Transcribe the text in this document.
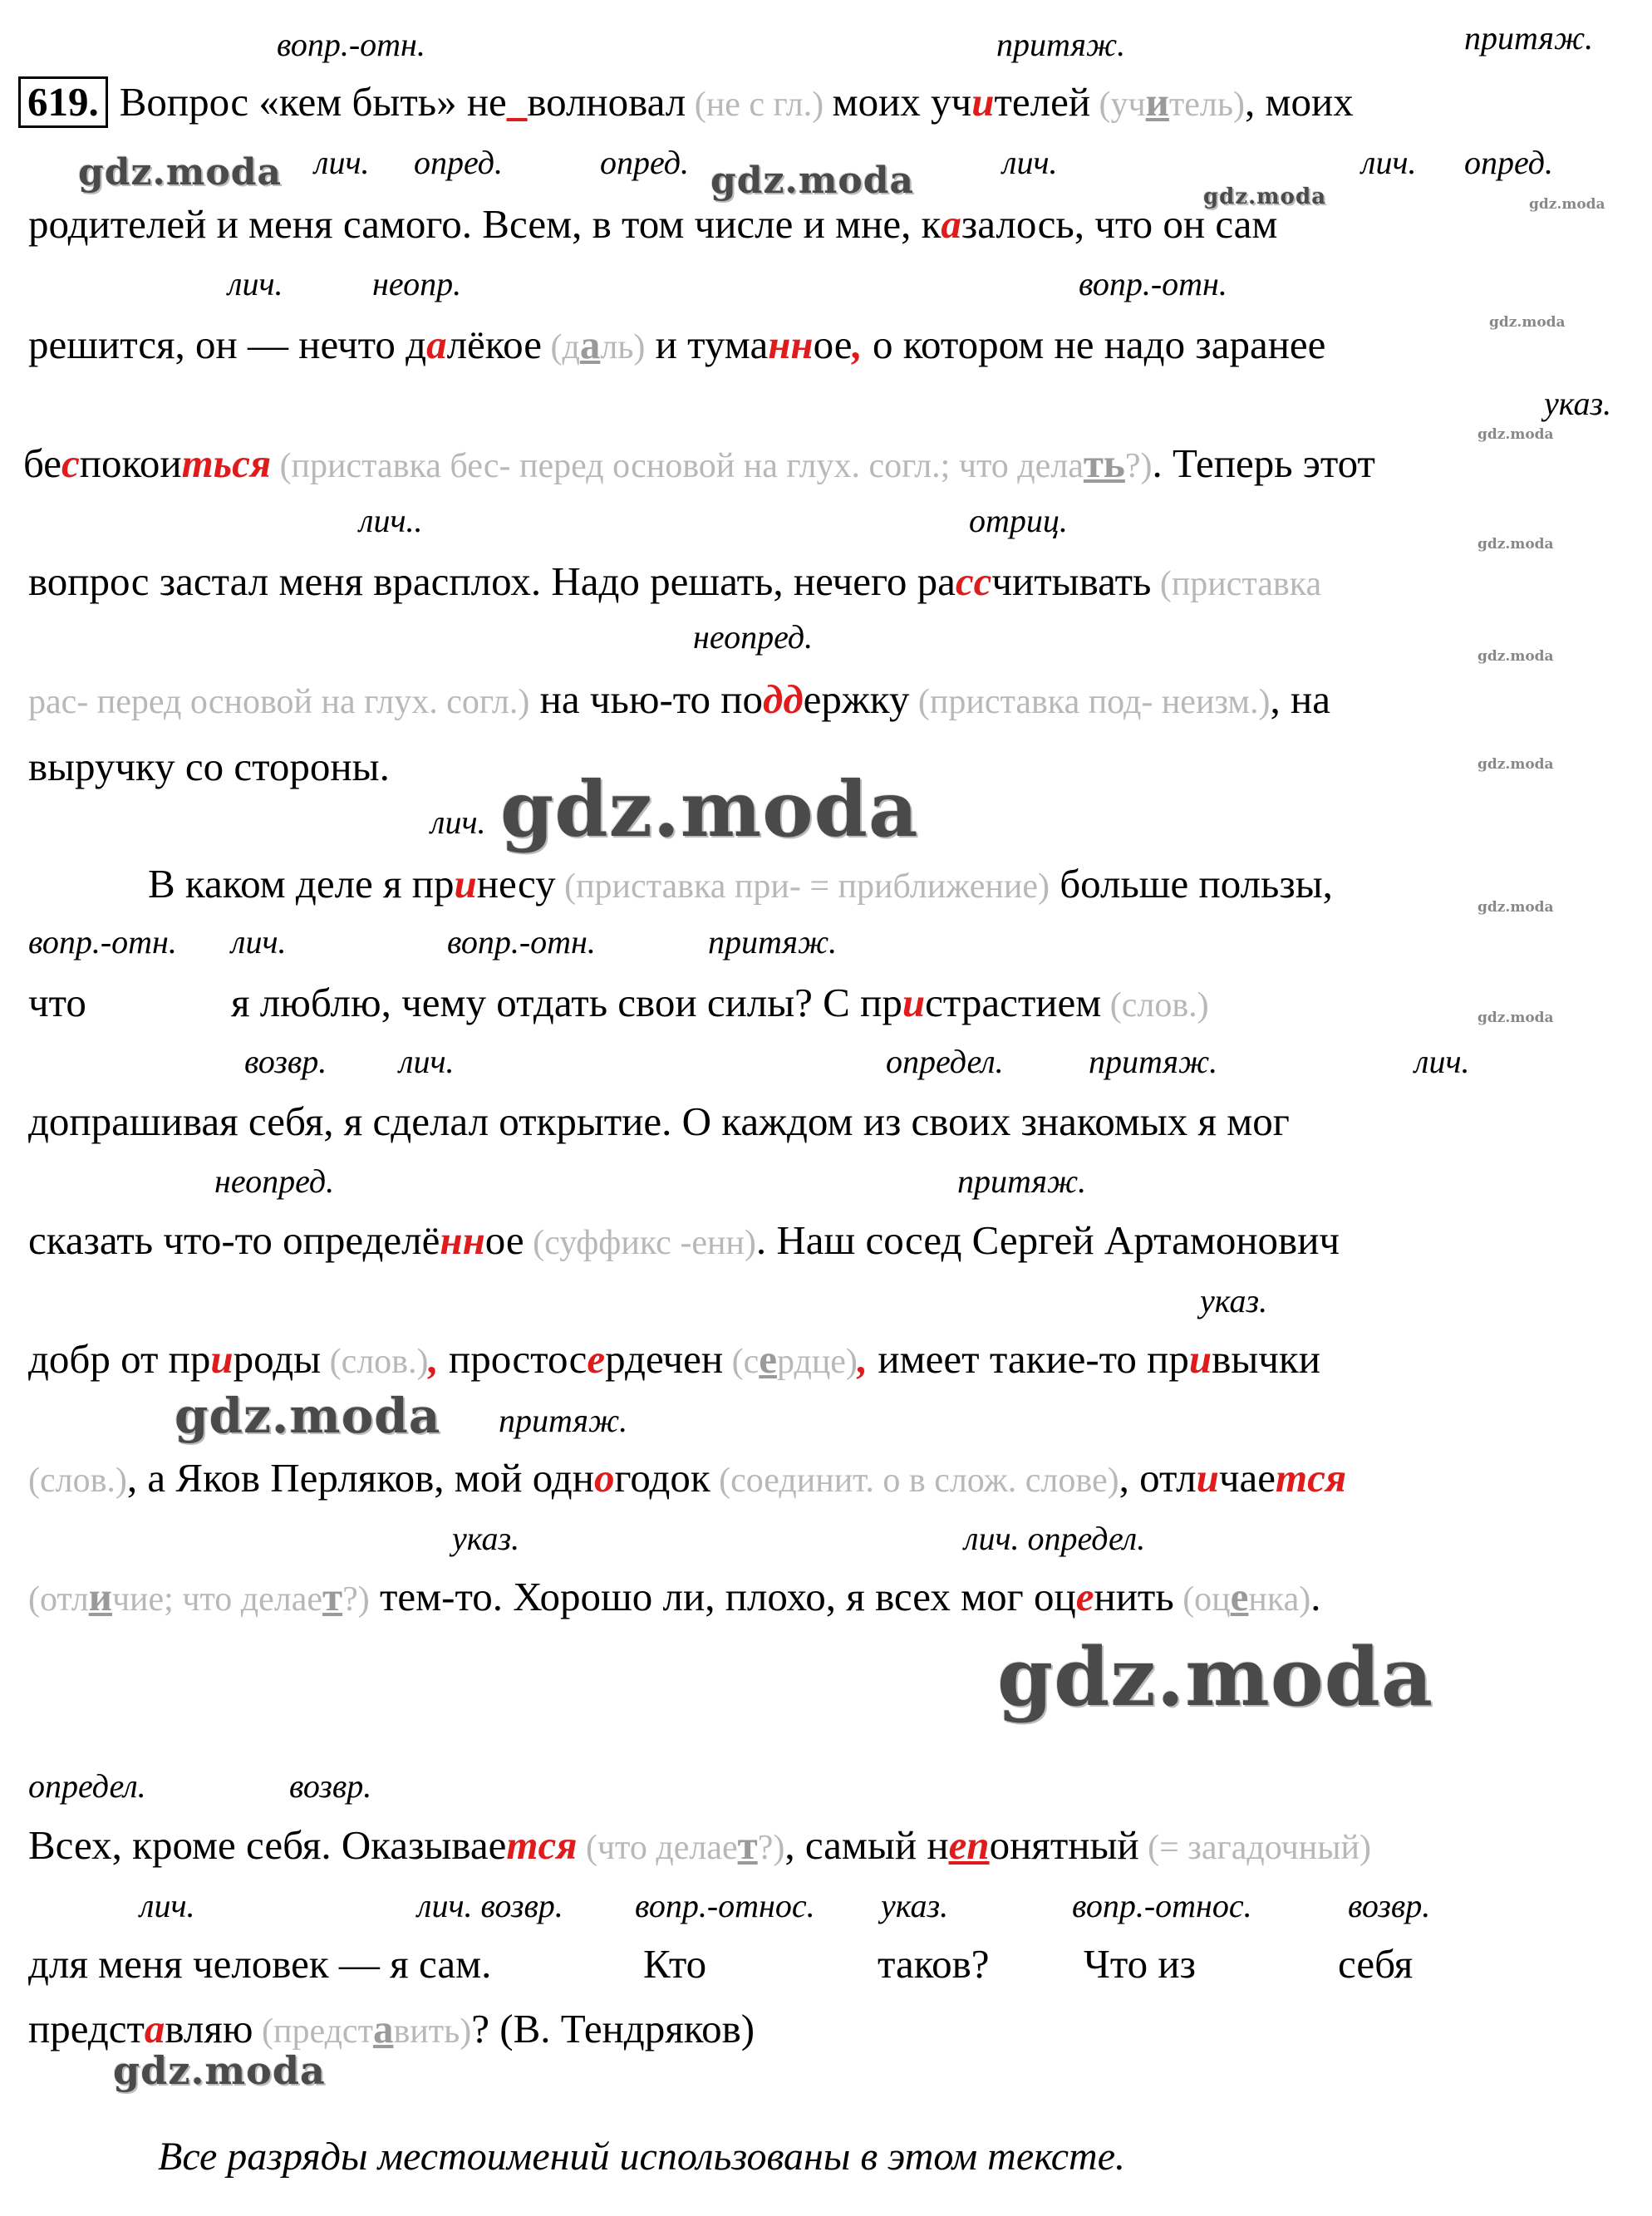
gdz.moda	gdz.moda	gdz.moda	gdz.moda
gdz.moda
gdz.moda
gdz.moda
gdz.moda
gdz.moda
gdz.moda
gdz.moda
gdz.moda
gdz.moda
gdz.moda
gdz.moda
вопр.-отн.	притяж.	притяж.
лич. опред.	опред.	лич.	лич. опред.
лич.	неопр.	вопр.-отн.
указ.
лич..	отриц.
неопред.
лич.
вопр.-отн. лич.	вопр.-отн.	притяж.
возвр. лич.	определ.	притяж.	лич.
неопред.	притяж.
указ.
притяж.
указ.	лич. определ.
определ.	возвр.
лич.	лич. возвр. вопр.-относ. указ.	вопр.-относ.	возвр.
619. Вопрос «кем быть» не_волновал (не с гл.) моих учителей (учитель), моих
родителей и меня самого. Всем, в том числе и мне, казалось, что он сам
решится, он — нечто далёкое (даль) и туманное, о котором не надо заранее
беспокоиться (приставка бес- перед основой на глух. согл.; что делать?). Теперь этот
вопрос застал меня врасплох. Надо решать, нечего рассчитывать (приставка
рас- перед основой на глух. согл.) на чью-то поддержку (приставка под- неизм.), на
выручку со стороны.
В каком деле я принесу (приставка при- = приближение) больше пользы,
что	я люблю, чему отдать свои силы? С пристрастием (слов.)
допрашивая себя, я сделал открытие. О каждом из своих знакомых я мог
сказать что-то определённое (суффикс -енн). Наш сосед Сергей Артамонович
добр от природы (слов.), простосердечен (сердце), имеет такие-то привычки
(слов.), а Яков Перляков, мой одногодок (соединит. о в слож. слове), отличается
(отличие; что делает?) тем-то. Хорошо ли, плохо, я всех мог оценить (оценка).
Всех, кроме себя. Оказывается (что делает?), самый непонятный (= загадочный)
для меня человек — я сам.	Кто	таков? Что из	себя
представляю (представить)? (В. Тендряков)
Все разряды местоимений использованы в этом тексте.
